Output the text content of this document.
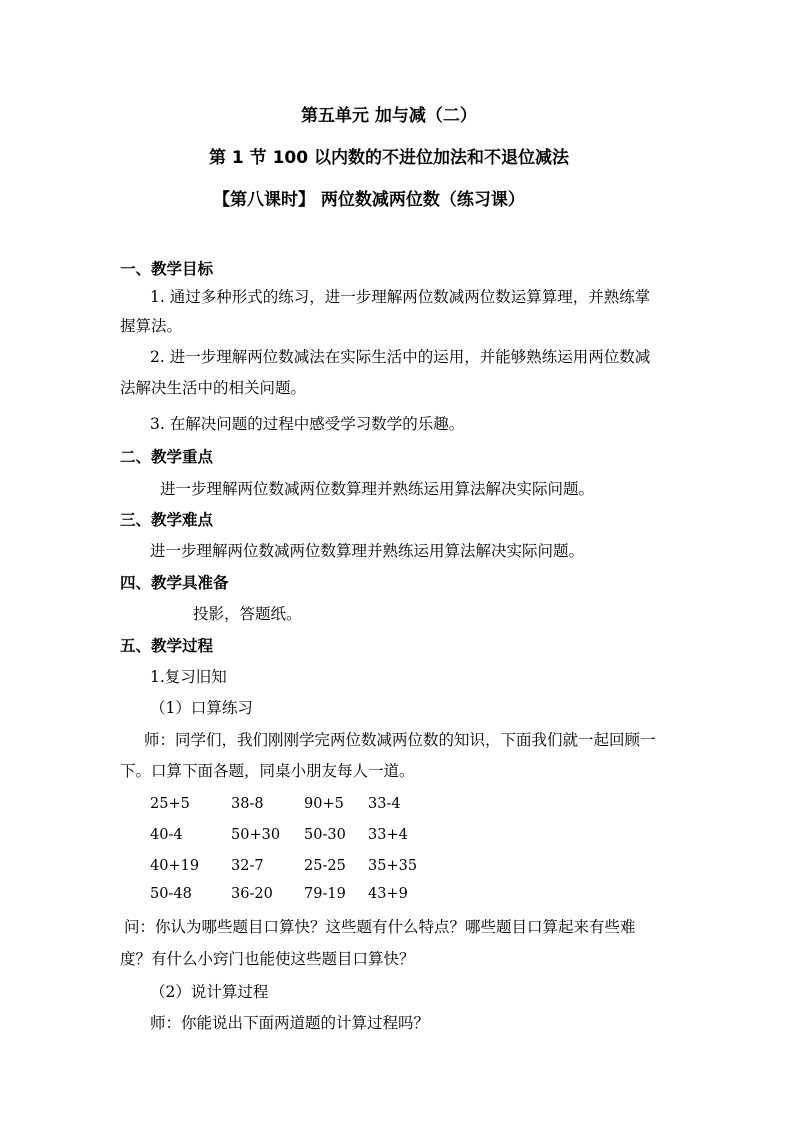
第五单元 加与减（二）
第 1 节 100 以内数的不进位加法和不退位减法
【第八课时】 两位数减两位数（练习课）
一、教学目标
1. 通过多种形式的练习，进一步理解两位数减两位数运算算理，并熟练掌
握算法。
2. 进一步理解两位数减法在实际生活中的运用，并能够熟练运用两位数减
法解决生活中的相关问题。
3. 在解决问题的过程中感受学习数学的乐趣。
二、教学重点
进一步理解两位数减两位数算理并熟练运用算法解决实际问题。
三、教学难点
进一步理解两位数减两位数算理并熟练运用算法解决实际问题。
四、教学具准备
投影，答题纸。
五、教学过程
1.复习旧知
（1）口算练习
师：同学们，我们刚刚学完两位数减两位数的知识，下面我们就一起回顾一
下。口算下面各题，同桌小朋友每人一道。
25+5	38-8	90+5 33-4
40-4	50+30 50-30 33+4
40+19 32-7	25-25 35+35
50-48	36-20 79-19 43+9
问：你认为哪些题目口算快？这些题有什么特点？哪些题目口算起来有些难
度？有什么小窍门也能使这些题目口算快？
（2）说计算过程
师：你能说出下面两道题的计算过程吗？
